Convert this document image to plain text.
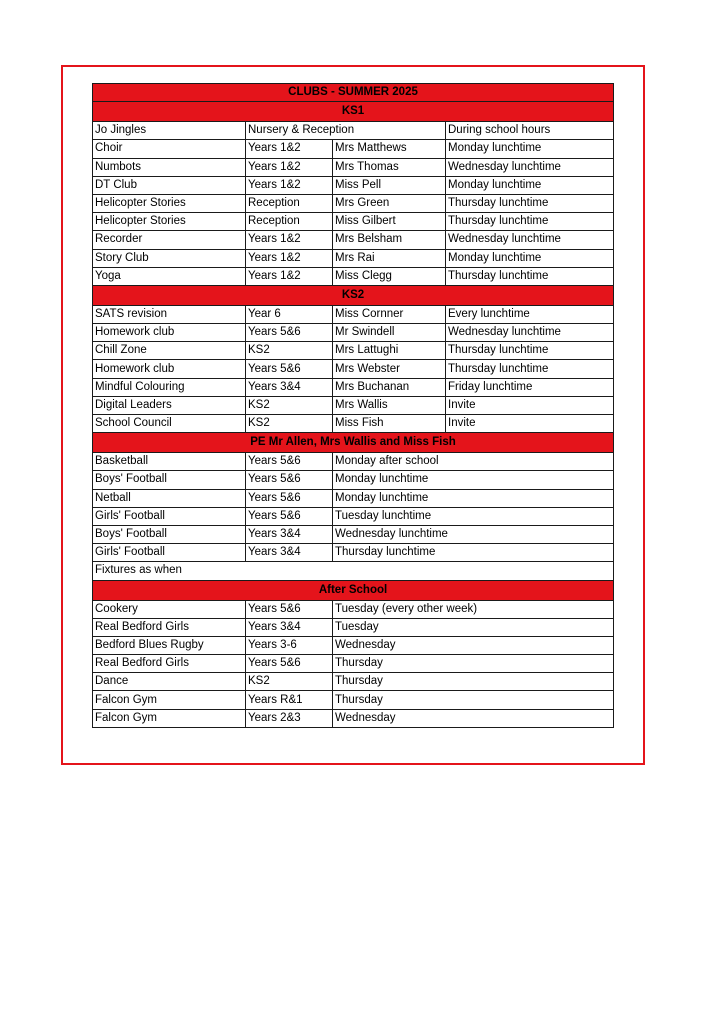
CLUBS - SUMMER 2025			
KS1			
Jo Jingles	Nursery & Reception		During school hours
Choir	Years 1&2	Mrs Matthews	Monday lunchtime
Numbots	Years 1&2	Mrs Thomas	Wednesday lunchtime
DT Club	Years 1&2	Miss Pell	Monday lunchtime
Helicopter Stories	Reception	Mrs Green	Thursday lunchtime
Helicopter Stories	Reception	Miss Gilbert	Thursday lunchtime
Recorder	Years 1&2	Mrs Belsham	Wednesday lunchtime
Story Club	Years 1&2	Mrs Rai	Monday lunchtime
Yoga	Years 1&2	Miss Clegg	Thursday lunchtime
KS2			
SATS revision	Year 6	Miss Cornner	Every lunchtime
Homework club	Years 5&6	Mr Swindell	Wednesday lunchtime
Chill Zone	KS2	Mrs Lattughi	Thursday lunchtime
Homework club	Years 5&6	Mrs Webster	Thursday lunchtime
Mindful Colouring	Years 3&4	Mrs Buchanan	Friday lunchtime
Digital Leaders	KS2	Mrs Wallis	Invite
School Council	KS2	Miss Fish	Invite
PE Mr Allen, Mrs Wallis and Miss Fish			
Basketball	Years 5&6	Monday after school	
Boys' Football	Years 5&6	Monday lunchtime	
Netball	Years 5&6	Monday lunchtime	
Girls' Football	Years 5&6	Tuesday lunchtime	
Boys' Football	Years 3&4	Wednesday lunchtime	
Girls' Football	Years 3&4	Thursday lunchtime	
Fixtures as when			
After School			
Cookery	Years 5&6	Tuesday (every other week)	
Real Bedford Girls	Years 3&4	Tuesday	
Bedford Blues Rugby	Years 3-6	Wednesday	
Real Bedford Girls	Years 5&6	Thursday	
Dance	KS2	Thursday	
Falcon Gym	Years R&1	Thursday	
Falcon Gym	Years 2&3	Wednesday	
